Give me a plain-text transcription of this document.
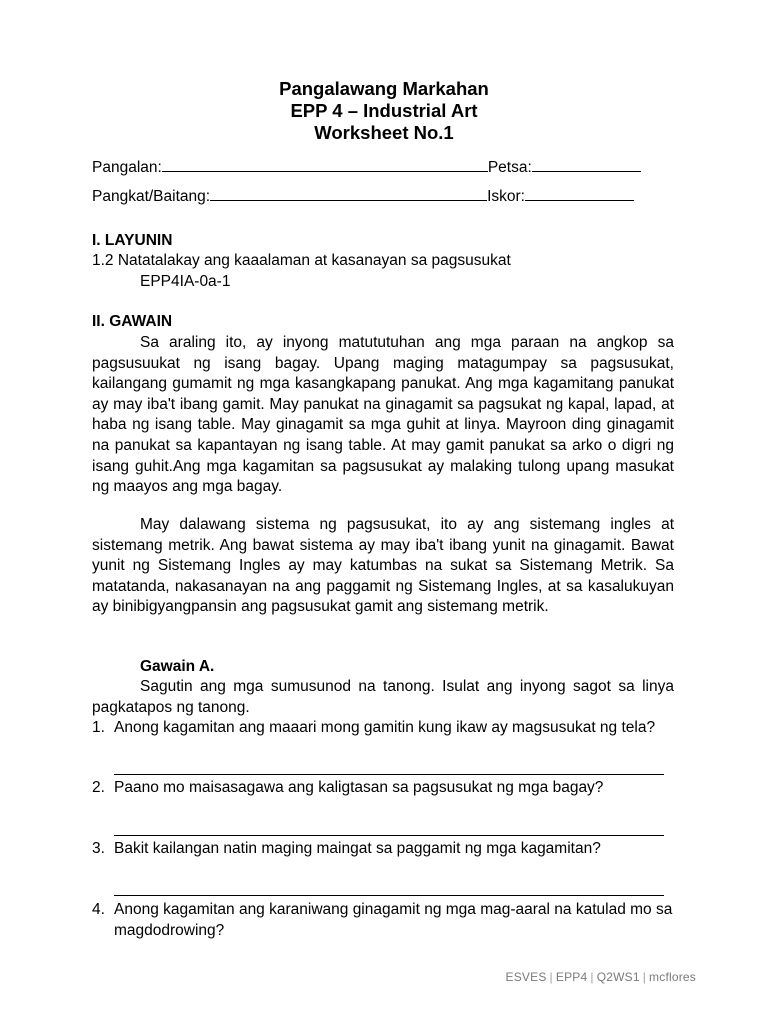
Pangalawang Markahan
EPP 4 – Industrial Art
Worksheet No.1
Pangalan:	Petsa:
Pangkat/Baitang:	Iskor:
I. LAYUNIN
1.2 Natatalakay ang kaaalaman at kasanayan sa pagsusukat
EPP4IA-0a-1
II. GAWAIN
Sa araling ito, ay inyong matututuhan ang mga paraan na angkop sa pagsusuukat ng isang bagay. Upang maging matagumpay sa pagsusukat, kailangang gumamit ng mga kasangkapang panukat. Ang mga kagamitang panukat ay may iba't ibang gamit. May panukat na ginagamit sa pagsukat ng kapal, lapad, at haba ng isang table. May ginagamit sa mga guhit at linya. Mayroon ding ginagamit na panukat sa kapantayan ng isang table. At may gamit panukat sa arko o digri ng isang guhit.Ang mga kagamitan sa pagsusukat ay malaking tulong upang masukat ng maayos ang mga bagay.
May dalawang sistema ng pagsusukat, ito ay ang sistemang ingles at sistemang metrik. Ang bawat sistema ay may iba't ibang yunit na ginagamit. Bawat yunit ng Sistemang Ingles ay may katumbas na sukat sa Sistemang Metrik. Sa matatanda, nakasanayan na ang paggamit ng Sistemang Ingles, at sa kasalukuyan ay binibigyangpansin ang pagsusukat gamit ang sistemang metrik.
Gawain A.
Sagutin ang mga sumusunod na tanong. Isulat ang inyong sagot sa linya pagkatapos ng tanong.
1. Anong kagamitan ang maaari mong gamitin kung ikaw ay magsusukat ng tela?
2. Paano mo maisasagawa ang kaligtasan sa pagsusukat ng mga bagay?
3. Bakit kailangan natin maging maingat sa paggamit ng mga kagamitan?
4. Anong kagamitan ang karaniwang ginagamit ng mga mag-aaral na katulad mo sa magdodrowing?
ESVES | EPP4 | Q2WS1 | mcflores
